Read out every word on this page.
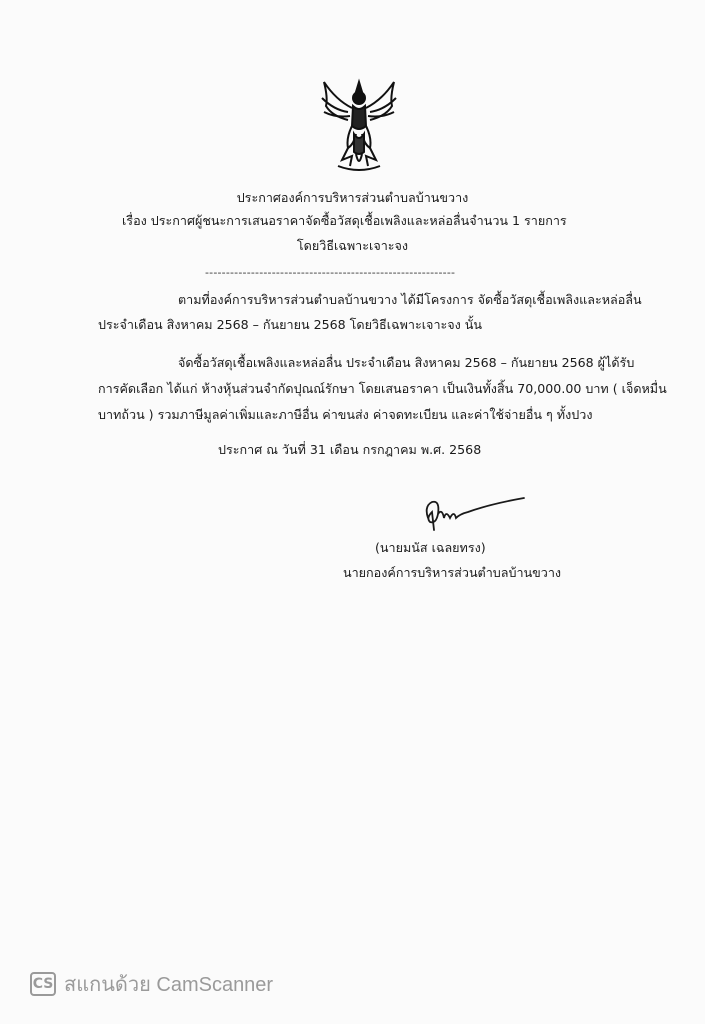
ประกาศองค์การบริหารส่วนตำบลบ้านขวาง
เรื่อง ประกาศผู้ชนะการเสนอราคาจัดซื้อวัสดุเชื้อเพลิงและหล่อลื่นจำนวน 1 รายการ
โดยวิธีเฉพาะเจาะจง
------------------------------------------------------------
ตามที่องค์การบริหารส่วนตำบลบ้านขวาง ได้มีโครงการ จัดซื้อวัสดุเชื้อเพลิงและหล่อลื่น
ประจำเดือน สิงหาคม 2568 – กันยายน 2568 โดยวิธีเฉพาะเจาะจง นั้น
จัดซื้อวัสดุเชื้อเพลิงและหล่อลื่น ประจำเดือน สิงหาคม 2568 – กันยายน 2568 ผู้ได้รับ
การคัดเลือก ได้แก่ ห้างหุ้นส่วนจำกัดปุณณ์รักษา โดยเสนอราคา เป็นเงินทั้งสิ้น 70,000.00 บาท ( เจ็ดหมื่น
บาทถ้วน ) รวมภาษีมูลค่าเพิ่มและภาษีอื่น ค่าขนส่ง ค่าจดทะเบียน และค่าใช้จ่ายอื่น ๆ ทั้งปวง
ประกาศ ณ วันที่ 31 เดือน กรกฎาคม พ.ศ. 2568
(นายมนัส เฉลยทรง)
นายกองค์การบริหารส่วนตำบลบ้านขวาง
CS สแกนด้วย CamScanner
